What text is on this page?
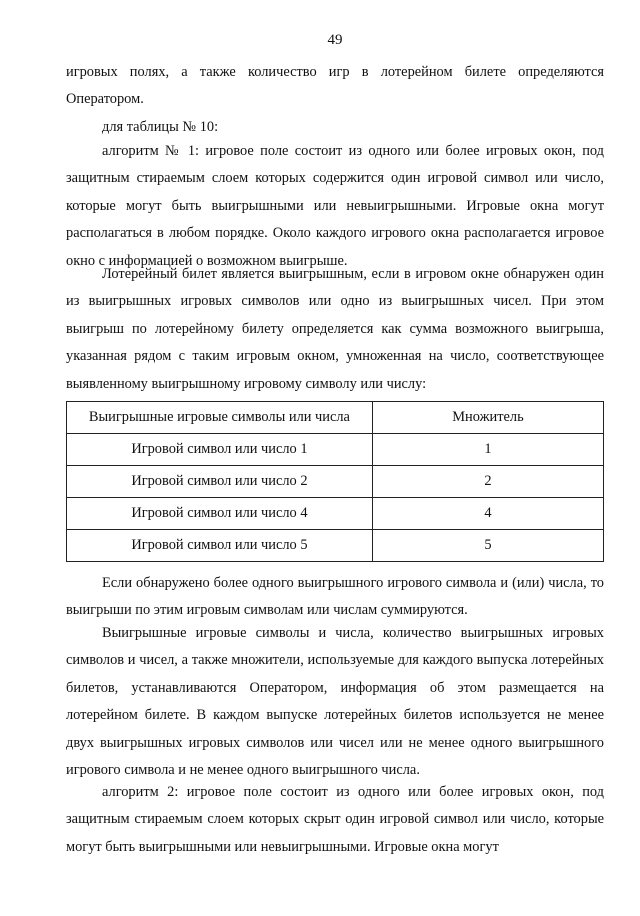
49

игровых полях, а также количество игр в лотерейном билете определяются Оператором.

для таблицы № 10:

алгоритм № 1: игровое поле состоит из одного или более игровых окон, под защитным стираемым слоем которых содержится один игровой символ или число, которые могут быть выигрышными или невыигрышными. Игровые окна могут располагаться в любом порядке. Около каждого игрового окна располагается игровое окно с информацией о возможном выигрыше.

Лотерейный билет является выигрышным, если в игровом окне обнаружен один из выигрышных игровых символов или одно из выигрышных чисел. При этом выигрыш по лотерейному билету определяется как сумма возможного выигрыша, указанная рядом с таким игровым окном, умноженная на число, соответствующее выявленному выигрышному игровому символу или числу:

Выигрышные игровые символы или числа	Множитель
Игровой символ или число 1	1
Игровой символ или число 2	2
Игровой символ или число 4	4
Игровой символ или число 5	5

Если обнаружено более одного выигрышного игрового символа и (или) числа, то выигрыши по этим игровым символам или числам суммируются.

Выигрышные игровые символы и числа, количество выигрышных игровых символов и чисел, а также множители, используемые для каждого выпуска лотерейных билетов, устанавливаются Оператором, информация об этом размещается на лотерейном билете. В каждом выпуске лотерейных билетов используется не менее двух выигрышных игровых символов или чисел или не менее одного выигрышного игрового символа и не менее одного выигрышного числа.

алгоритм 2: игровое поле состоит из одного или более игровых окон, под защитным стираемым слоем которых скрыт один игровой символ или число, которые могут быть выигрышными или невыигрышными. Игровые окна могут
